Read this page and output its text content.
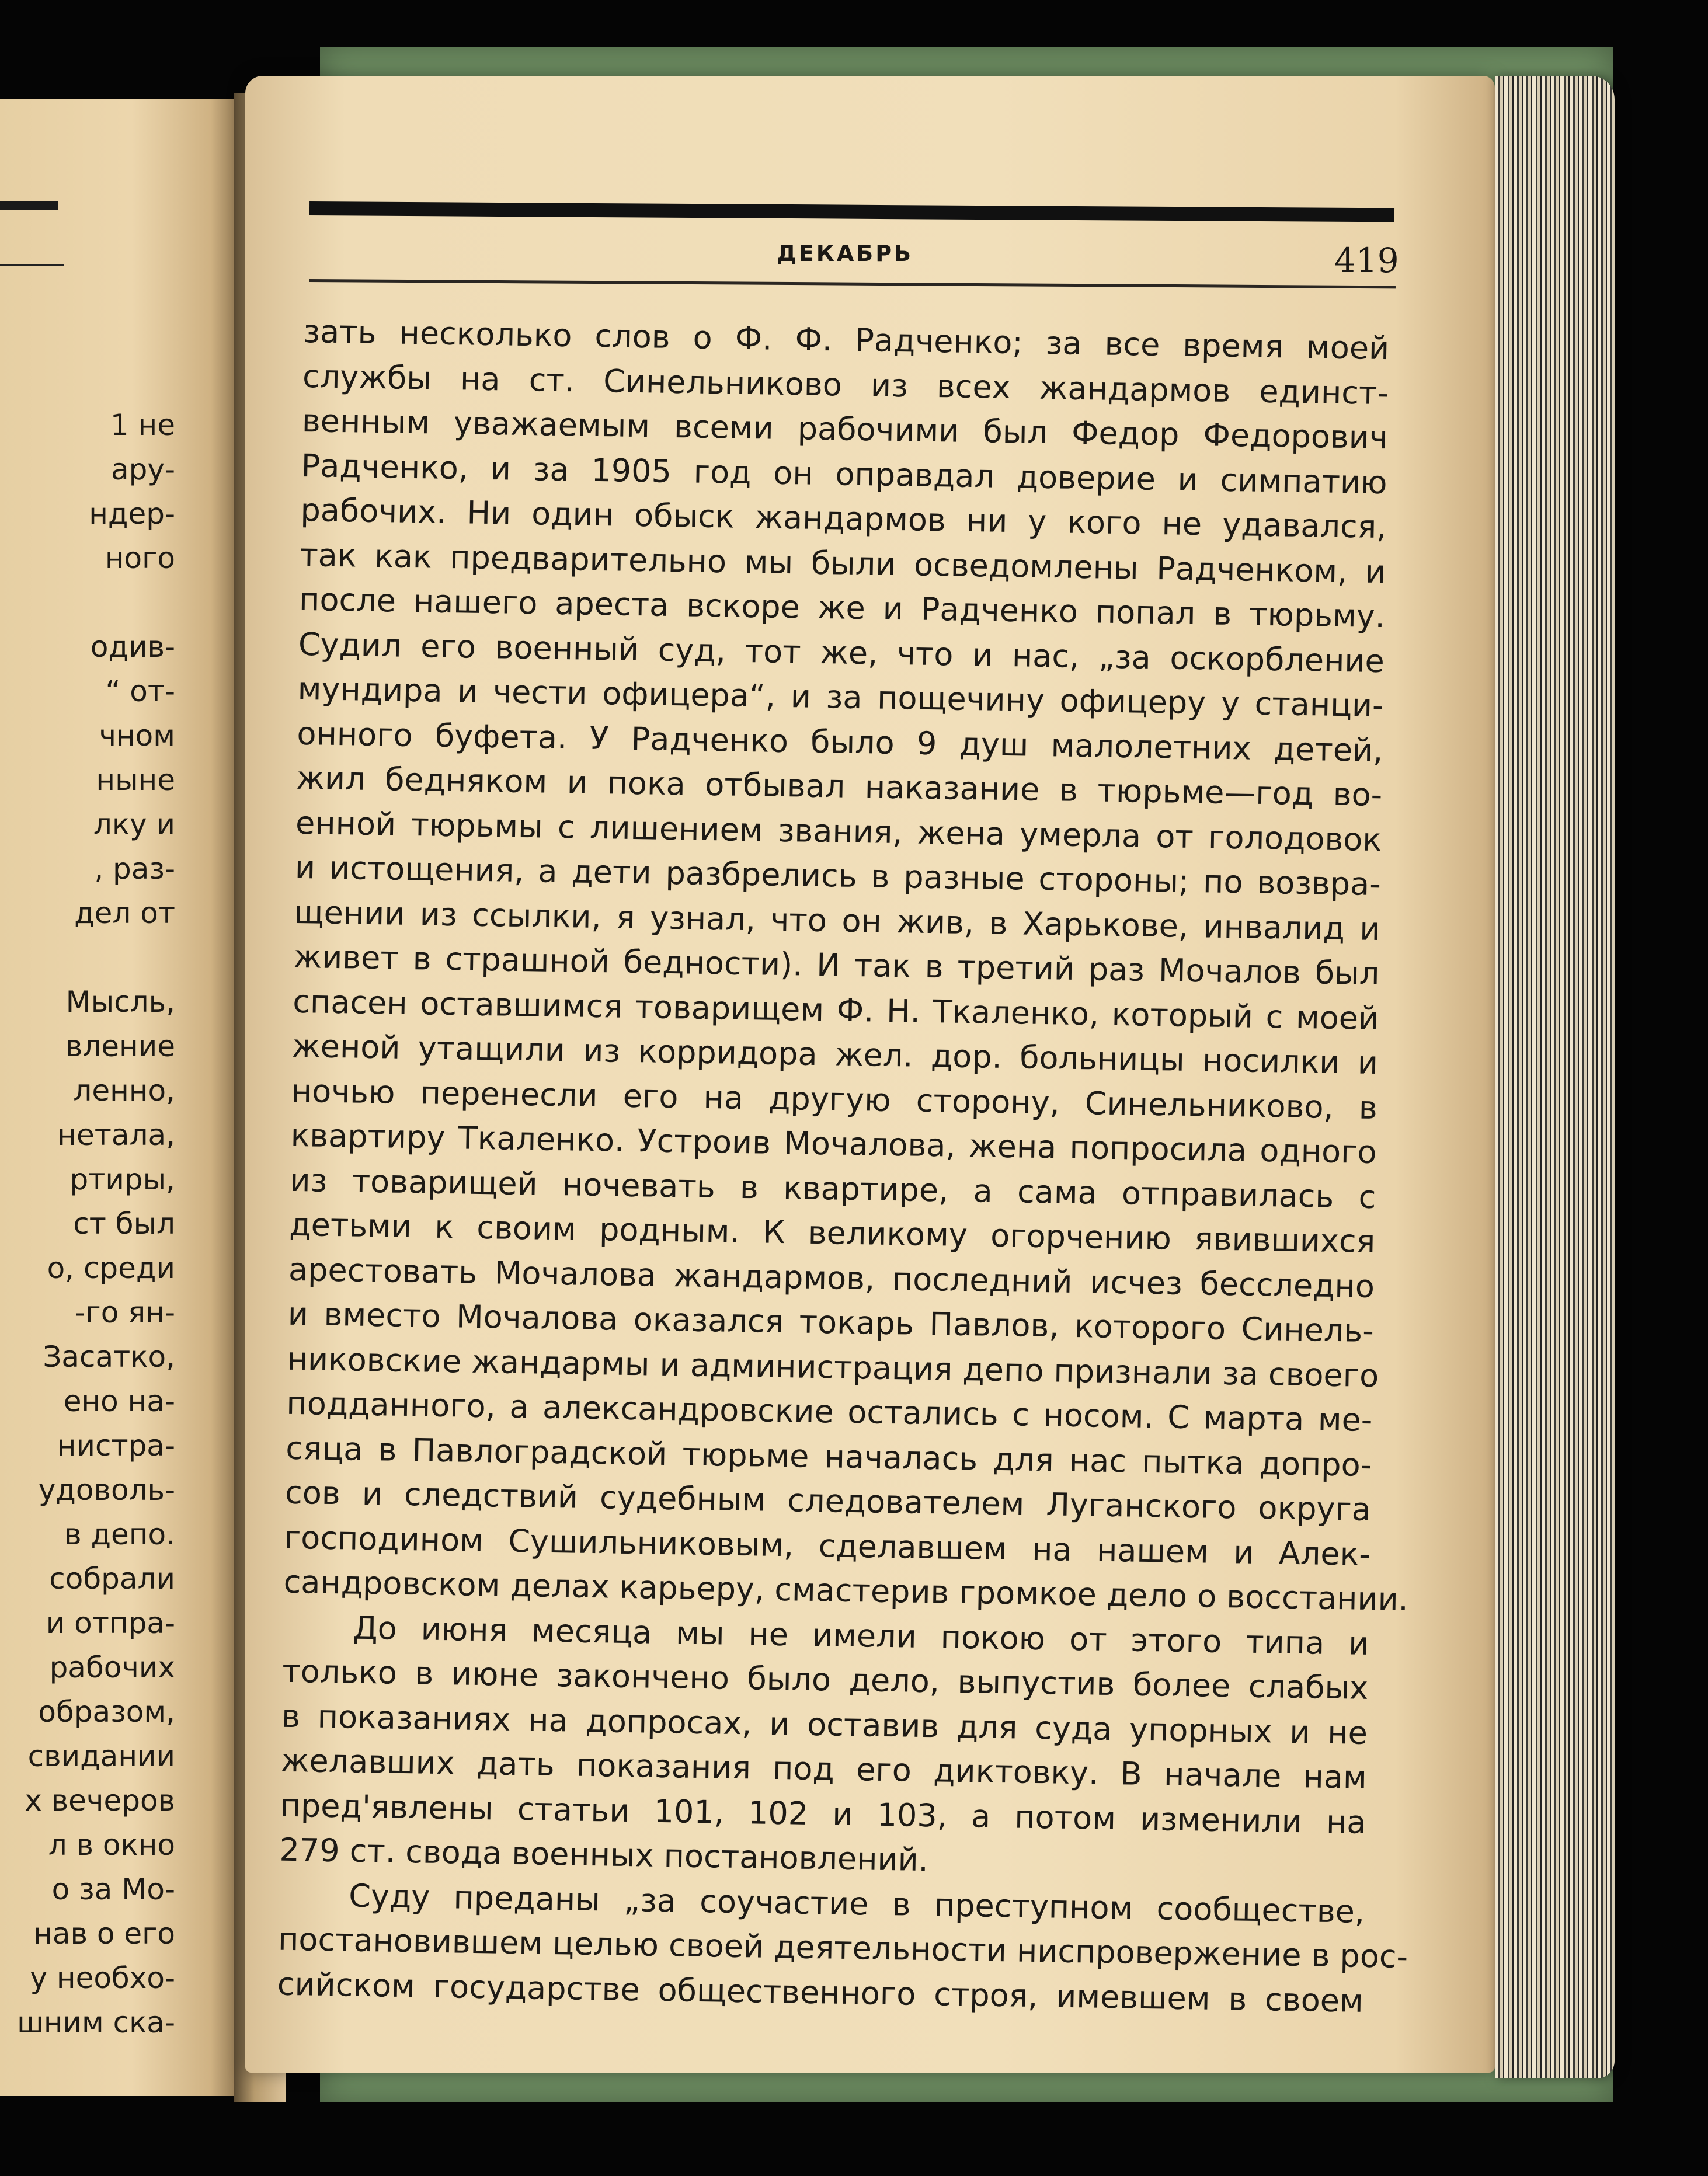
1 не
ару-
ндер-
ного
одив-
“ от-
чном
ныне
лку и
, раз-
дел от
Мысль,
вление
ленно,
нетала,
ртиры,
ст был
о, среди
-го ян-
Засатко,
ено на-
нистра-
удоволь-
в депо.
собрали
и отпра-
рабочих
образом,
свидании
х вечеров
л в окно
о за Мо-
нав о его
у необхо-
шним ска-
ДЕКАБРЬ	419
зать несколько слов о Ф. Ф. Радченко; за все время моей
службы на ст. Синельниково из всех жандармов единст-
венным уважаемым всеми рабочими был Федор Федорович
Радченко, и за 1905 год он оправдал доверие и симпатию
рабочих. Ни один обыск жандармов ни у кого не удавался,
так как предварительно мы были осведомлены Радченком, и
после нашего ареста вскоре же и Радченко попал в тюрьму.
Судил его военный суд, тот же, что и нас, „за оскорбление
мундира и чести офицера“, и за пощечину офицеру у станци-
онного буфета. У Радченко было 9 душ малолетних детей,
жил бедняком и пока отбывал наказание в тюрьме—год во-
енной тюрьмы с лишением звания, жена умерла от голодовок
и истощения, а дети разбрелись в разные стороны; по возвра-
щении из ссылки, я узнал, что он жив, в Харькове, инвалид и
живет в страшной бедности). И так в третий раз Мочалов был
спасен оставшимся товарищем Ф. Н. Ткаленко, который с моей
женой утащили из корридора жел. дор. больницы носилки и
ночью перенесли его на другую сторону, Синельниково, в
квартиру Ткаленко. Устроив Мочалова, жена попросила одного
из товарищей ночевать в квартире, а сама отправилась с
детьми к своим родным. К великому огорчению явившихся
арестовать Мочалова жандармов, последний исчез бесследно
и вместо Мочалова оказался токарь Павлов, которого Синель-
никовские жандармы и администрация депо признали за своего
подданного, а александровские остались с носом. С марта ме-
сяца в Павлоградской тюрьме началась для нас пытка допро-
сов и следствий судебным следователем Луганского округа
господином Сушильниковым, сделавшем на нашем и Алек-
сандровском делах карьеру, смастерив громкое дело о восстании.
До июня месяца мы не имели покою от этого типа и
только в июне закончено было дело, выпустив более слабых
в показаниях на допросах, и оставив для суда упорных и не
желавших дать показания под его диктовку. В начале нам
пред'явлены статьи 101, 102 и 103, а потом изменили на
279 ст. свода военных постановлений.
Суду преданы „за соучастие в преступном сообществе,
постановившем целью своей деятельности ниспровержение в рос-
сийском государстве общественного строя, имевшем в своем
